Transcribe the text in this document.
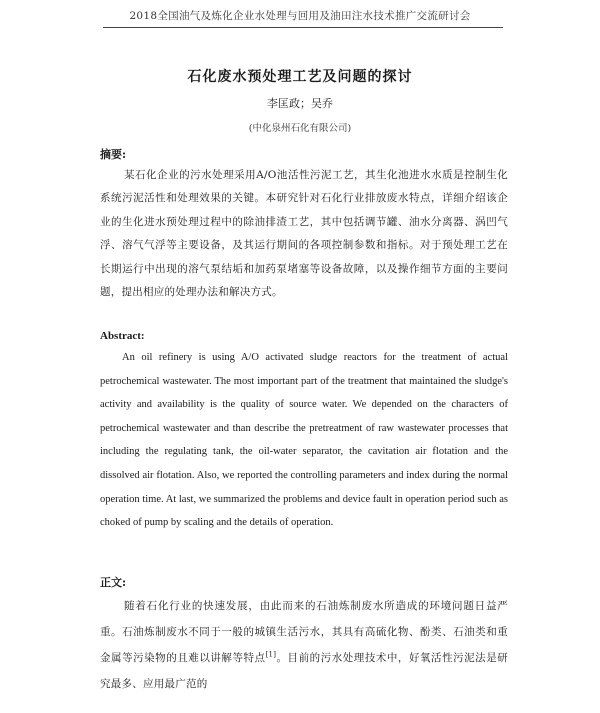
2018全国油气及炼化企业水处理与回用及油田注水技术推广交流研讨会
石化废水预处理工艺及问题的探讨
李匡政；吴乔
(中化泉州石化有限公司)
摘要:

某石化企业的污水处理采用A/O池活性污泥工艺，其生化池进水水质是控制生化系统污泥活性和处理效果的关键。本研究针对石化行业排放废水特点，详细介绍该企业的生化进水预处理过程中的除油排渣工艺，其中包括调节罐、油水分离器、涡凹气浮、溶气气浮等主要设备，及其运行期间的各项控制参数和指标。对于预处理工艺在长期运行中出现的溶气泵结垢和加药泵堵塞等设备故障，以及操作细节方面的主要问题，提出相应的处理办法和解决方式。

Abstract:

An oil refinery is using A/O activated sludge reactors for the treatment of actual petrochemical wastewater. The most important part of the treatment that maintained the sludge's activity and availability is the quality of source water. We depended on the characters of petrochemical wastewater and than describe the pretreatment of raw wastewater processes that including the regulating tank, the oil-water separator, the cavitation air flotation and the dissolved air flotation. Also, we reported the controlling parameters and index during the normal operation time. At last, we summarized the problems and device fault in operation period such as choked of pump by scaling and the details of operation.

正文:

随着石化行业的快速发展，由此而来的石油炼制废水所造成的环境问题日益严重。石油炼制废水不同于一般的城镇生活污水，其具有高硫化物、酚类、石油类和重金属等污染物的且难以讲解等特点[1]。目前的污水处理技术中，好氧活性污泥法是研究最多、应用最广范的
